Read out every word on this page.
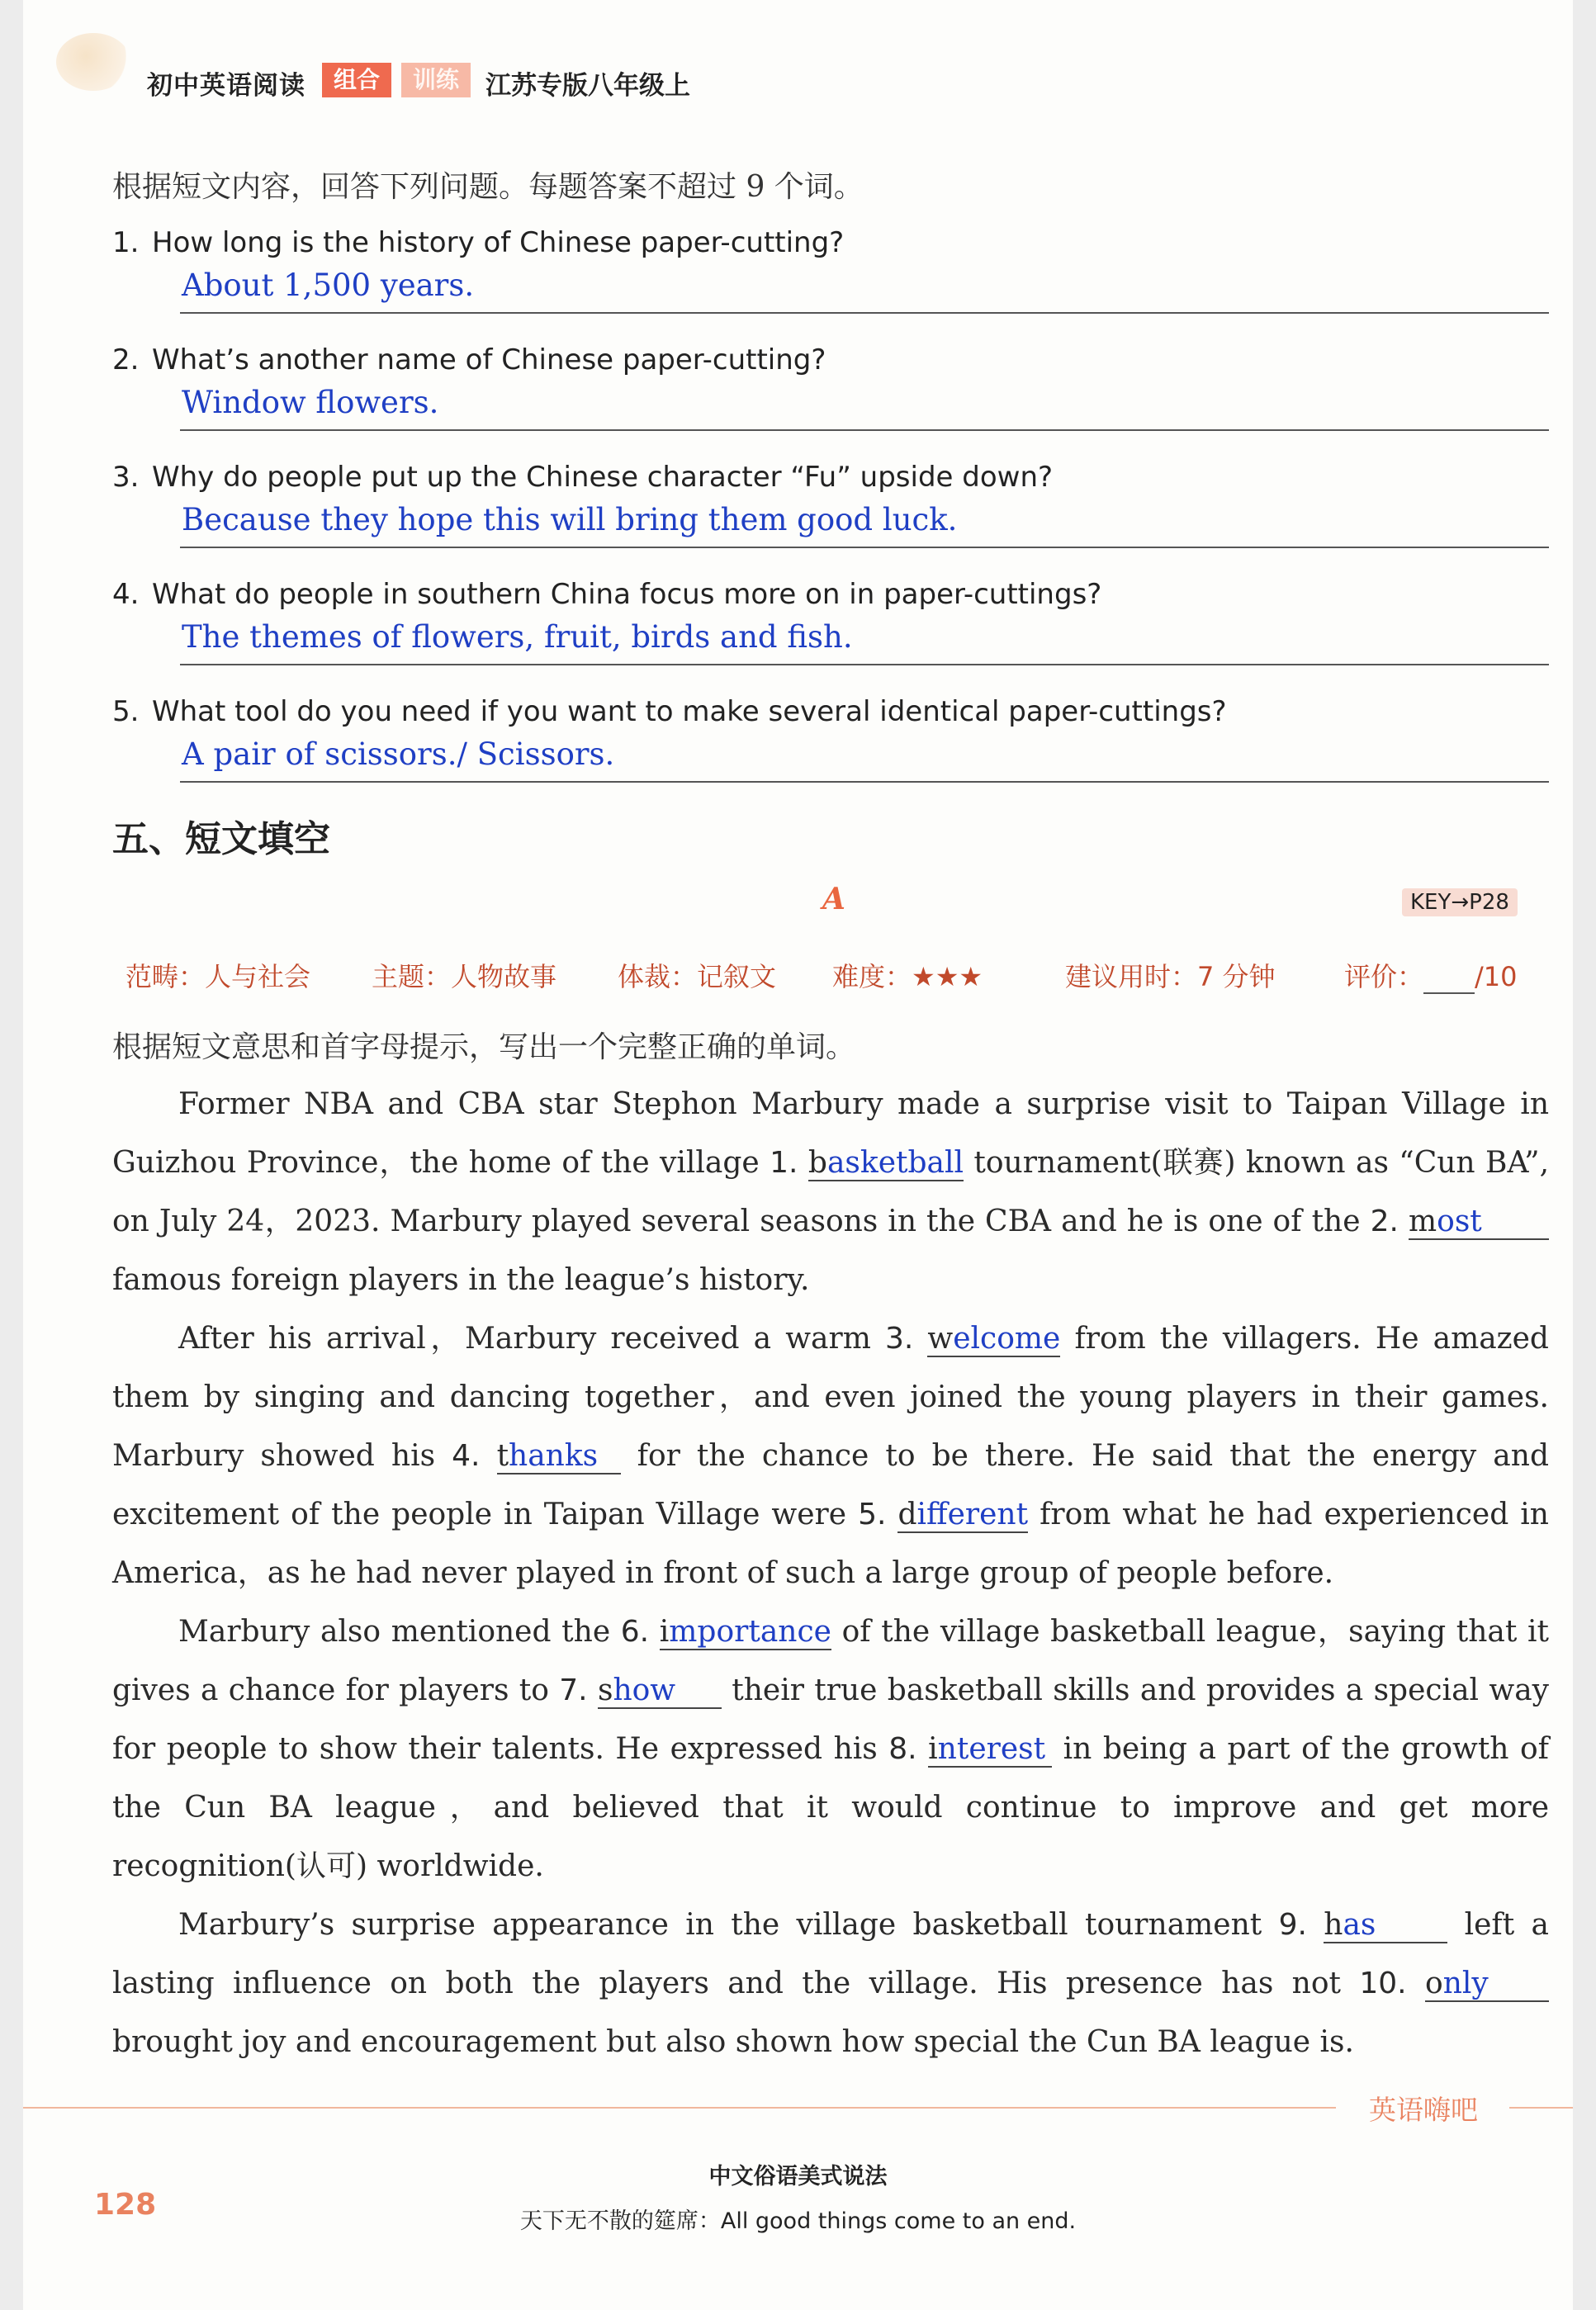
初中英语阅读	组合	训练	江苏专版八年级上
根据短文内容，回答下列问题。每题答案不超过 9 个词。
1. How long is the history of Chinese paper-cutting?
About 1,500 years.
2. What’s another name of Chinese paper-cutting?
Window flowers.
3. Why do people put up the Chinese character “Fu” upside down?
Because they hope this will bring them good luck.
4. What do people in southern China focus more on in paper-cuttings?
The themes of flowers, fruit, birds and fish.
5. What tool do you need if you want to make several identical paper-cuttings?
A pair of scissors./ Scissors.
五、短文填空
A	KEY→P28
范畴：人与社会 主题：人物故事 体裁：记叙文 难度：★★★	建议用时：7 分钟	评价： /10
根据短文意思和首字母提示，写出一个完整正确的单词。
Former NBA and CBA star Stephon Marbury made a surprise visit to Taipan Village in Guizhou Province，the home of the village 1. basketball tournament(联赛) known as “Cun BA”, on July 24，2023. Marbury played several seasons in the CBA and he is one of the 2. most famous foreign players in the league’s history.
After his arrival，Marbury received a warm 3. welcome from the villagers. He amazed them by singing and dancing together，and even joined the young players in their games. Marbury showed his 4. thanks for the chance to be there. He said that the energy and excitement of the people in Taipan Village were 5. different from what he had experienced in America，as he had never played in front of such a large group of people before.
Marbury also mentioned the 6. importance of the village basketball league，saying that it gives a chance for players to 7. show their true basketball skills and provides a special way for people to show their talents. He expressed his 8. interest in being a part of the growth of the Cun BA league，and believed that it would continue to improve and get more recognition(认可) worldwide.
Marbury’s surprise appearance in the village basketball tournament 9. has	left a lasting influence on both the players and the village. His presence has not 10. only brought joy and encouragement but also shown how special the Cun BA league is.
英语嗨吧
128
中文俗语美式说法
天下无不散的筵席：All good things come to an end.
